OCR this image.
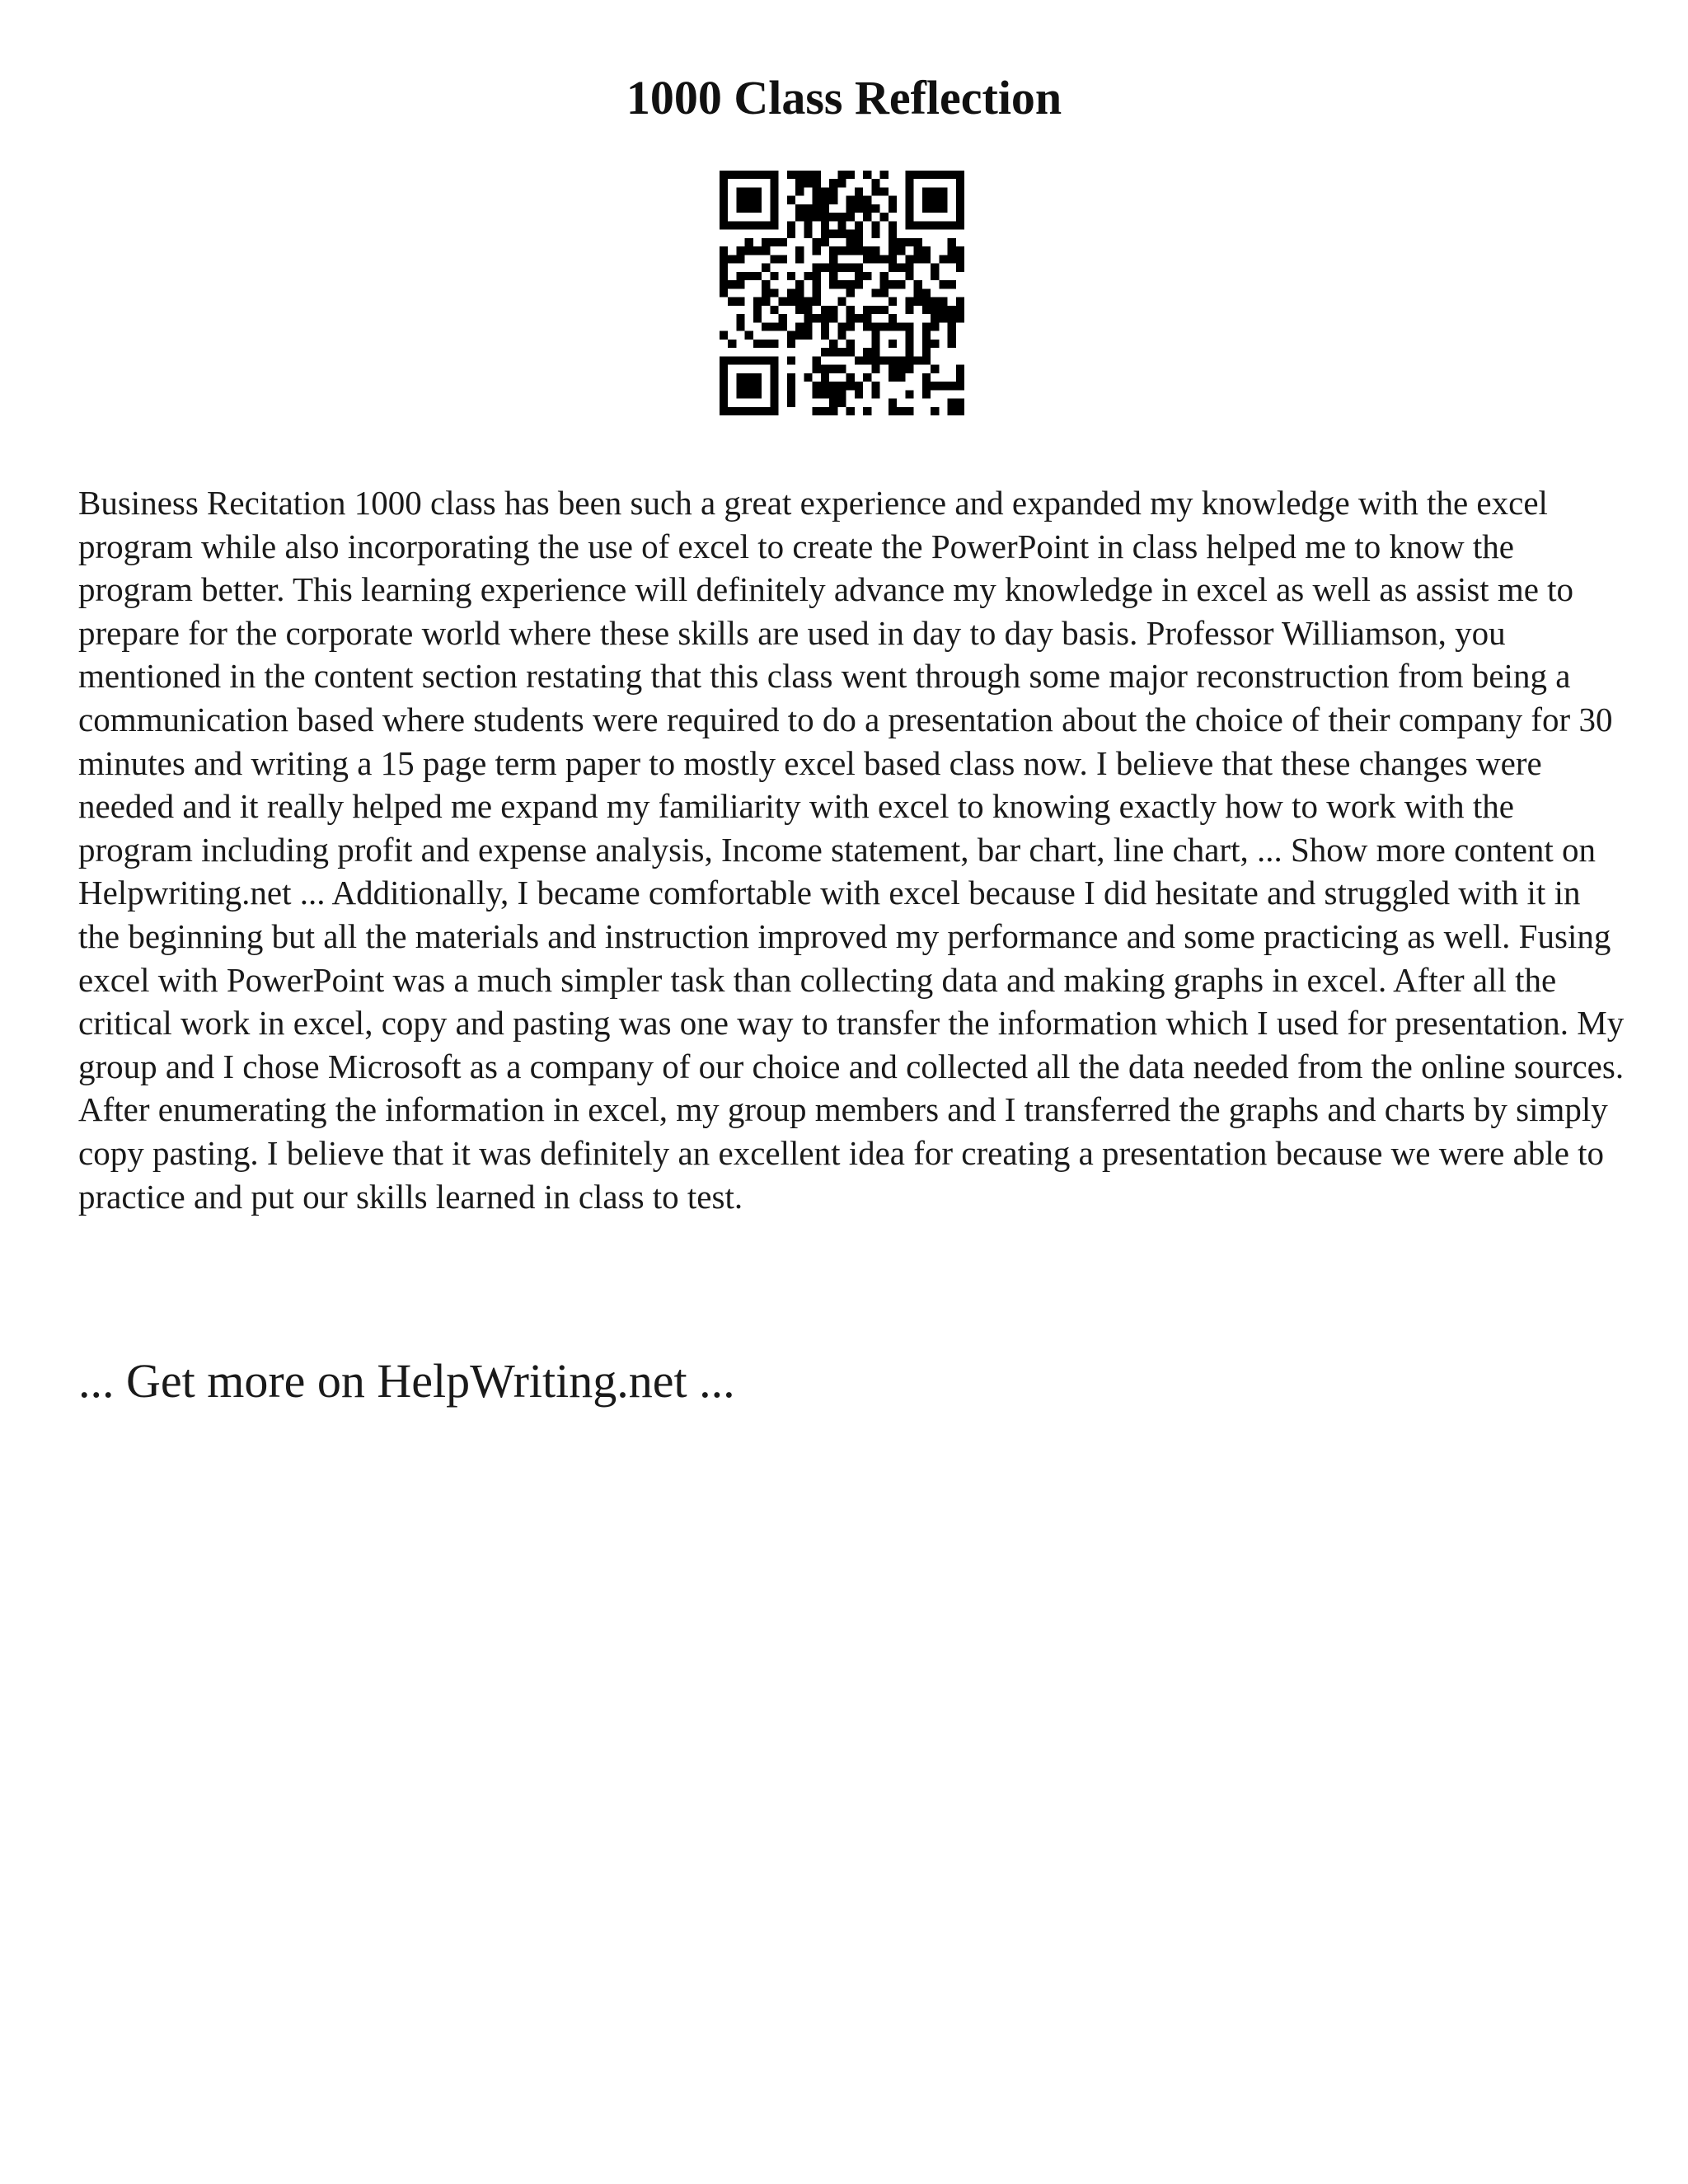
1000 Class Reflection

Business Recitation 1000 class has been such a great experience and expanded my knowledge with the excel program while also incorporating the use of excel to create the PowerPoint in class helped me to know the program better. This learning experience will definitely advance my knowledge in excel as well as assist me to prepare for the corporate world where these skills are used in day to day basis. Professor Williamson, you mentioned in the content section restating that this class went through some major reconstruction from being a communication based where students were required to do a presentation about the choice of their company for 30 minutes and writing a 15 page term paper to mostly excel based class now. I believe that these changes were needed and it really helped me expand my familiarity with excel to knowing exactly how to work with the program including profit and expense analysis, Income statement, bar chart, line chart, ... Show more content on Helpwriting.net ... Additionally, I became comfortable with excel because I did hesitate and struggled with it in the beginning but all the materials and instruction improved my performance and some practicing as well. Fusing excel with PowerPoint was a much simpler task than collecting data and making graphs in excel. After all the critical work in excel, copy and pasting was one way to transfer the information which I used for presentation. My group and I chose Microsoft as a company of our choice and collected all the data needed from the online sources. After enumerating the information in excel, my group members and I transferred the graphs and charts by simply copy pasting. I believe that it was definitely an excellent idea for creating a presentation because we were able to practice and put our skills learned in class to test.

... Get more on HelpWriting.net ...
